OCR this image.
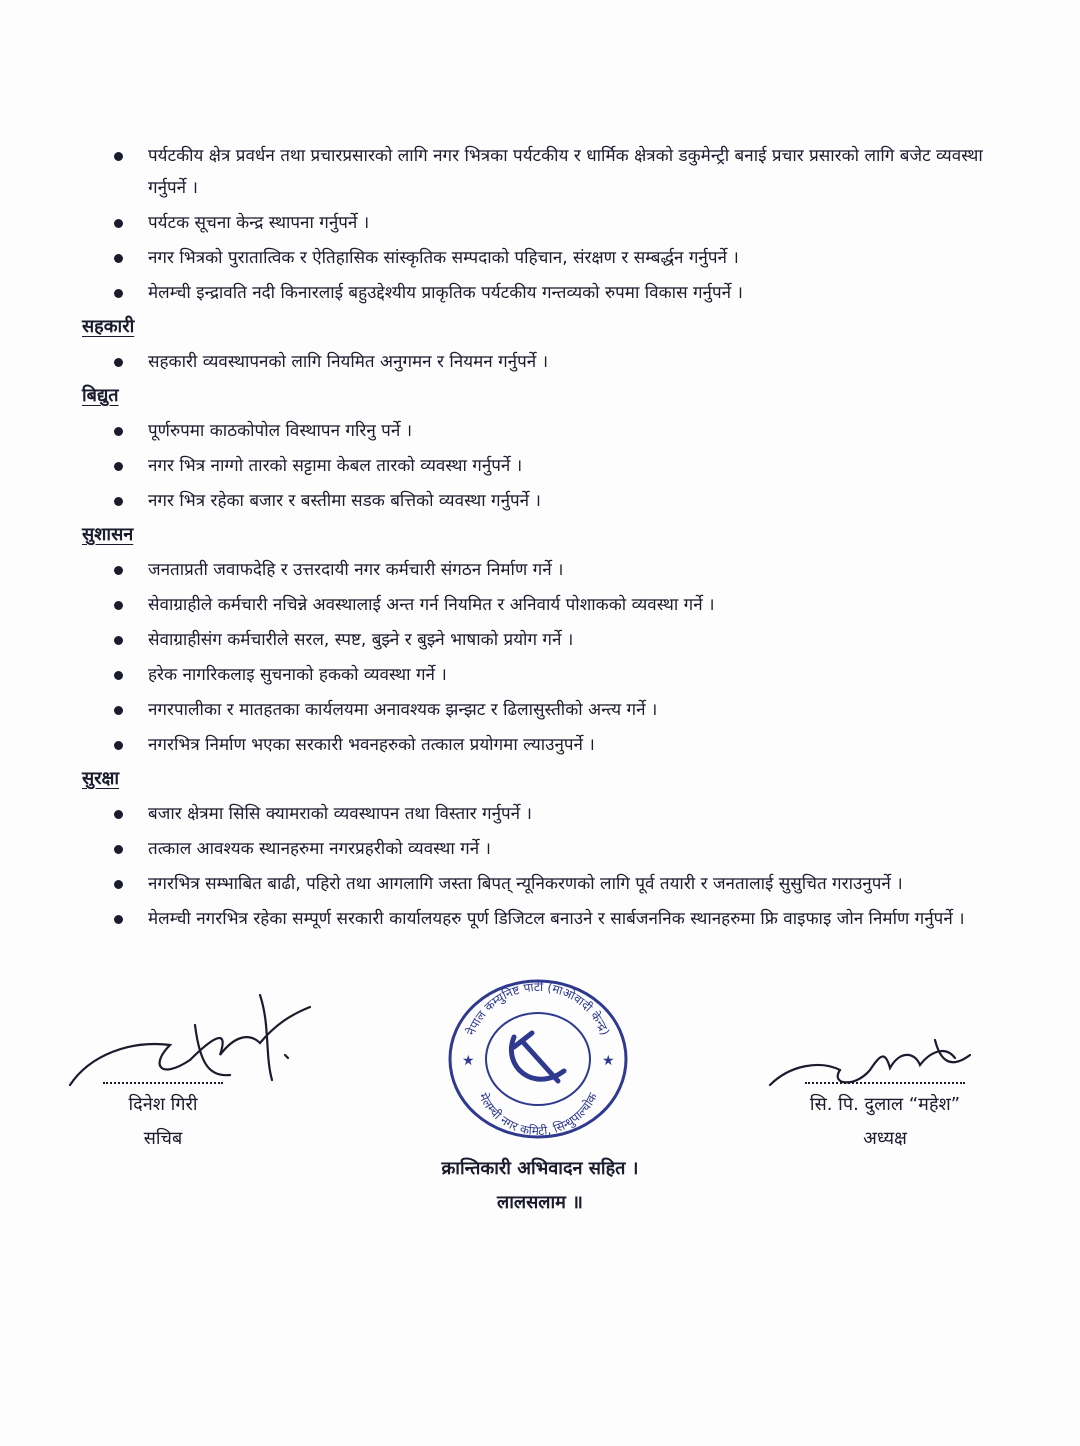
पर्यटकीय क्षेत्र प्रवर्धन तथा प्रचारप्रसारको लागि नगर भित्रका पर्यटकीय र धार्मिक क्षेत्रको डकुमेन्ट्री बनाई प्रचार प्रसारको लागि बजेट व्यवस्था गर्नुपर्ने ।
पर्यटक सूचना केन्द्र स्थापना गर्नुपर्ने ।
नगर भित्रको पुरातात्विक र ऐतिहासिक सांस्कृतिक सम्पदाको पहिचान, संरक्षण र सम्बर्द्धन गर्नुपर्ने ।
मेलम्ची इन्द्रावति नदी किनारलाई बहुउद्देश्यीय प्राकृतिक पर्यटकीय गन्तव्यको रुपमा विकास गर्नुपर्ने ।
सहकारी
सहकारी व्यवस्थापनको लागि नियमित अनुगमन र नियमन गर्नुपर्ने ।
बिद्युत
पूर्णरुपमा काठकोपोल विस्थापन गरिनु पर्ने ।
नगर भित्र नाग्गो तारको सट्टामा केबल तारको व्यवस्था गर्नुपर्ने ।
नगर भित्र रहेका बजार र बस्तीमा सडक बत्तिको व्यवस्था गर्नुपर्ने ।
सुशासन
जनताप्रती जवाफदेहि र उत्तरदायी नगर कर्मचारी संगठन निर्माण गर्ने ।
सेवाग्राहीले कर्मचारी नचिन्ने अवस्थालाई अन्त गर्न नियमित र अनिवार्य पोशाकको व्यवस्था गर्ने ।
सेवाग्राहीसंग कर्मचारीले सरल, स्पष्ट, बुझ्ने र बुझ्ने भाषाको प्रयोग गर्ने ।
हरेक नागरिकलाइ सुचनाको हकको व्यवस्था गर्ने ।
नगरपालीका र मातहतका कार्यलयमा अनावश्यक झन्झट र ढिलासुस्तीको अन्त्य गर्ने ।
नगरभित्र निर्माण भएका सरकारी भवनहरुको तत्काल प्रयोगमा ल्याउनुपर्ने ।
सुरक्षा
बजार क्षेत्रमा सिसि क्यामराको व्यवस्थापन तथा विस्तार गर्नुपर्ने ।
तत्काल आवश्यक स्थानहरुमा नगरप्रहरीको व्यवस्था गर्ने ।
नगरभित्र सम्भाबित बाढी, पहिरो तथा आगलागि जस्ता बिपत् न्यूनिकरणको लागि पूर्व तयारी र जनतालाई सुसुचित गराउनुपर्ने ।
मेलम्ची नगरभित्र रहेका सम्पूर्ण सरकारी कार्यालयहरु पूर्ण डिजिटल बनाउने र सार्बजननिक स्थानहरुमा फ्रि वाइफाइ जोन निर्माण गर्नुपर्ने ।
नेपाल कम्युनिष्ट पार्टी (माओवादी केन्द्र)
मेलम्ची नगर कमिटी, सिन्धुपाल्चोक
★	★
दिनेश गिरी
सचिब
सि. पि. दुलाल “महेश”
अध्यक्ष
क्रान्तिकारी अभिवादन सहित ।
लालसलाम ॥
